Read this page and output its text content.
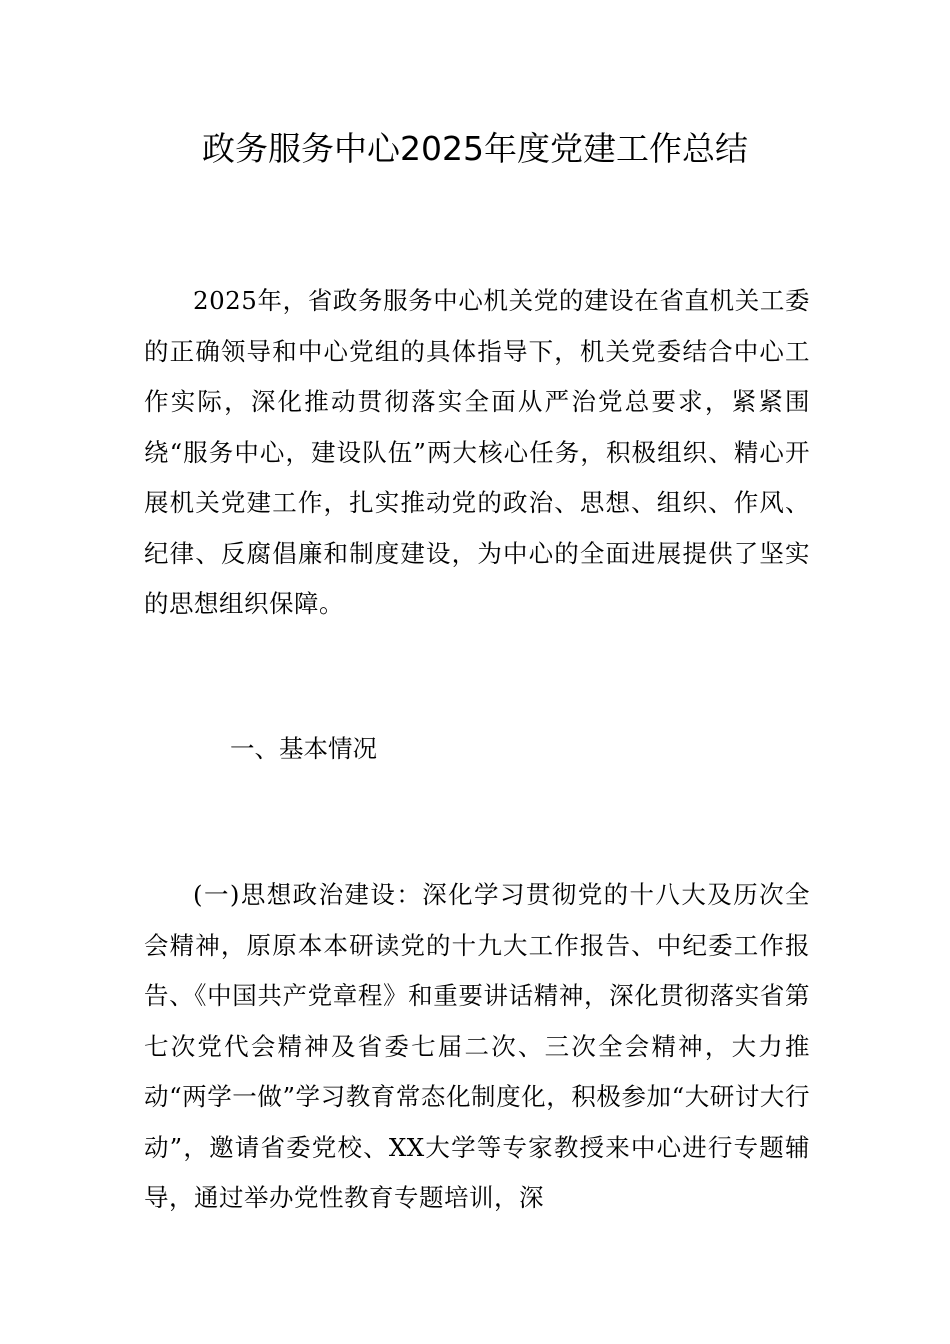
政务服务中心2025年度党建工作总结

2025年，省政务服务中心机关党的建设在省直机关工委的正确领导和中心党组的具体指导下，机关党委结合中心工作实际，深化推动贯彻落实全面从严治党总要求，紧紧围绕“服务中心，建设队伍”两大核心任务，积极组织、精心开展机关党建工作，扎实推动党的政治、思想、组织、作风、纪律、反腐倡廉和制度建设，为中心的全面进展提供了坚实的思想组织保障。

一、基本情况

(一)思想政治建设：深化学习贯彻党的十八大及历次全会精神，原原本本研读党的十九大工作报告、中纪委工作报告、《中国共产党章程》和重要讲话精神，深化贯彻落实省第七次党代会精神及省委七届二次、三次全会精神，大力推动“两学一做”学习教育常态化制度化，积极参加“大研讨大行动”，邀请省委党校、XX大学等专家教授来中心进行专题辅导，通过举办党性教育专题培训，深
